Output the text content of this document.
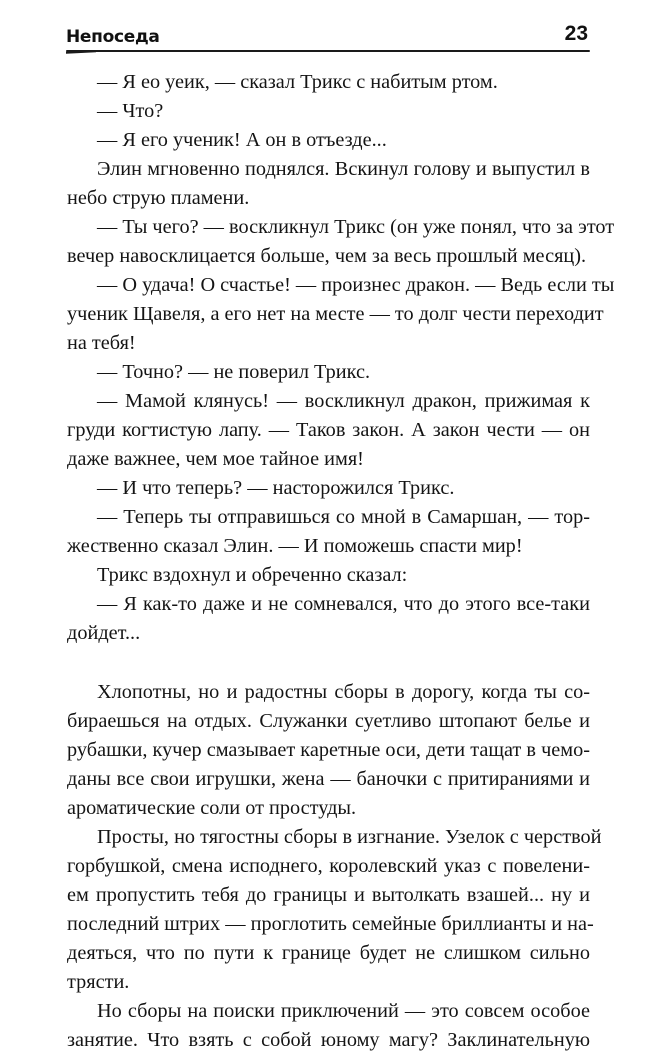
Непоседа	23
— Я ео уеик, — сказал Трикс с набитым ртом.
— Что?
— Я его ученик! А он в отъезде...
Элин мгновенно поднялся. Вскинул голову и выпустил в
небо струю пламени.
— Ты чего? — воскликнул Трикс (он уже понял, что за этот
вечер навосклицается больше, чем за весь прошлый месяц).
— О удача! О счастье! — произнес дракон. — Ведь если ты
ученик Щавеля, а его нет на месте — то долг чести переходит
на тебя!
— Точно? — не поверил Трикс.
— Мамой клянусь! — воскликнул дракон, прижимая к
груди когтистую лапу. — Таков закон. А закон чести — он
даже важнее, чем мое тайное имя!
— И что теперь? — насторожился Трикс.
— Теперь ты отправишься со мной в Самаршан, — тор-
жественно сказал Элин. — И поможешь спасти мир!
Трикс вздохнул и обреченно сказал:
— Я как-то даже и не сомневался, что до этого все-таки
дойдет...
Хлопотны, но и радостны сборы в дорогу, когда ты со-
бираешься на отдых. Служанки суетливо штопают белье и
рубашки, кучер смазывает каретные оси, дети тащат в чемо-
даны все свои игрушки, жена — баночки с притираниями и
ароматические соли от простуды.
Просты, но тягостны сборы в изгнание. Узелок с черствой
горбушкой, смена исподнего, королевский указ с повелени-
ем пропустить тебя до границы и вытолкать взашей... ну и
последний штрих — проглотить семейные бриллианты и на-
деяться, что по пути к границе будет не слишком сильно
трясти.
Но сборы на поиски приключений — это совсем особое
занятие. Что взять с собой юному магу? Заклинательную
